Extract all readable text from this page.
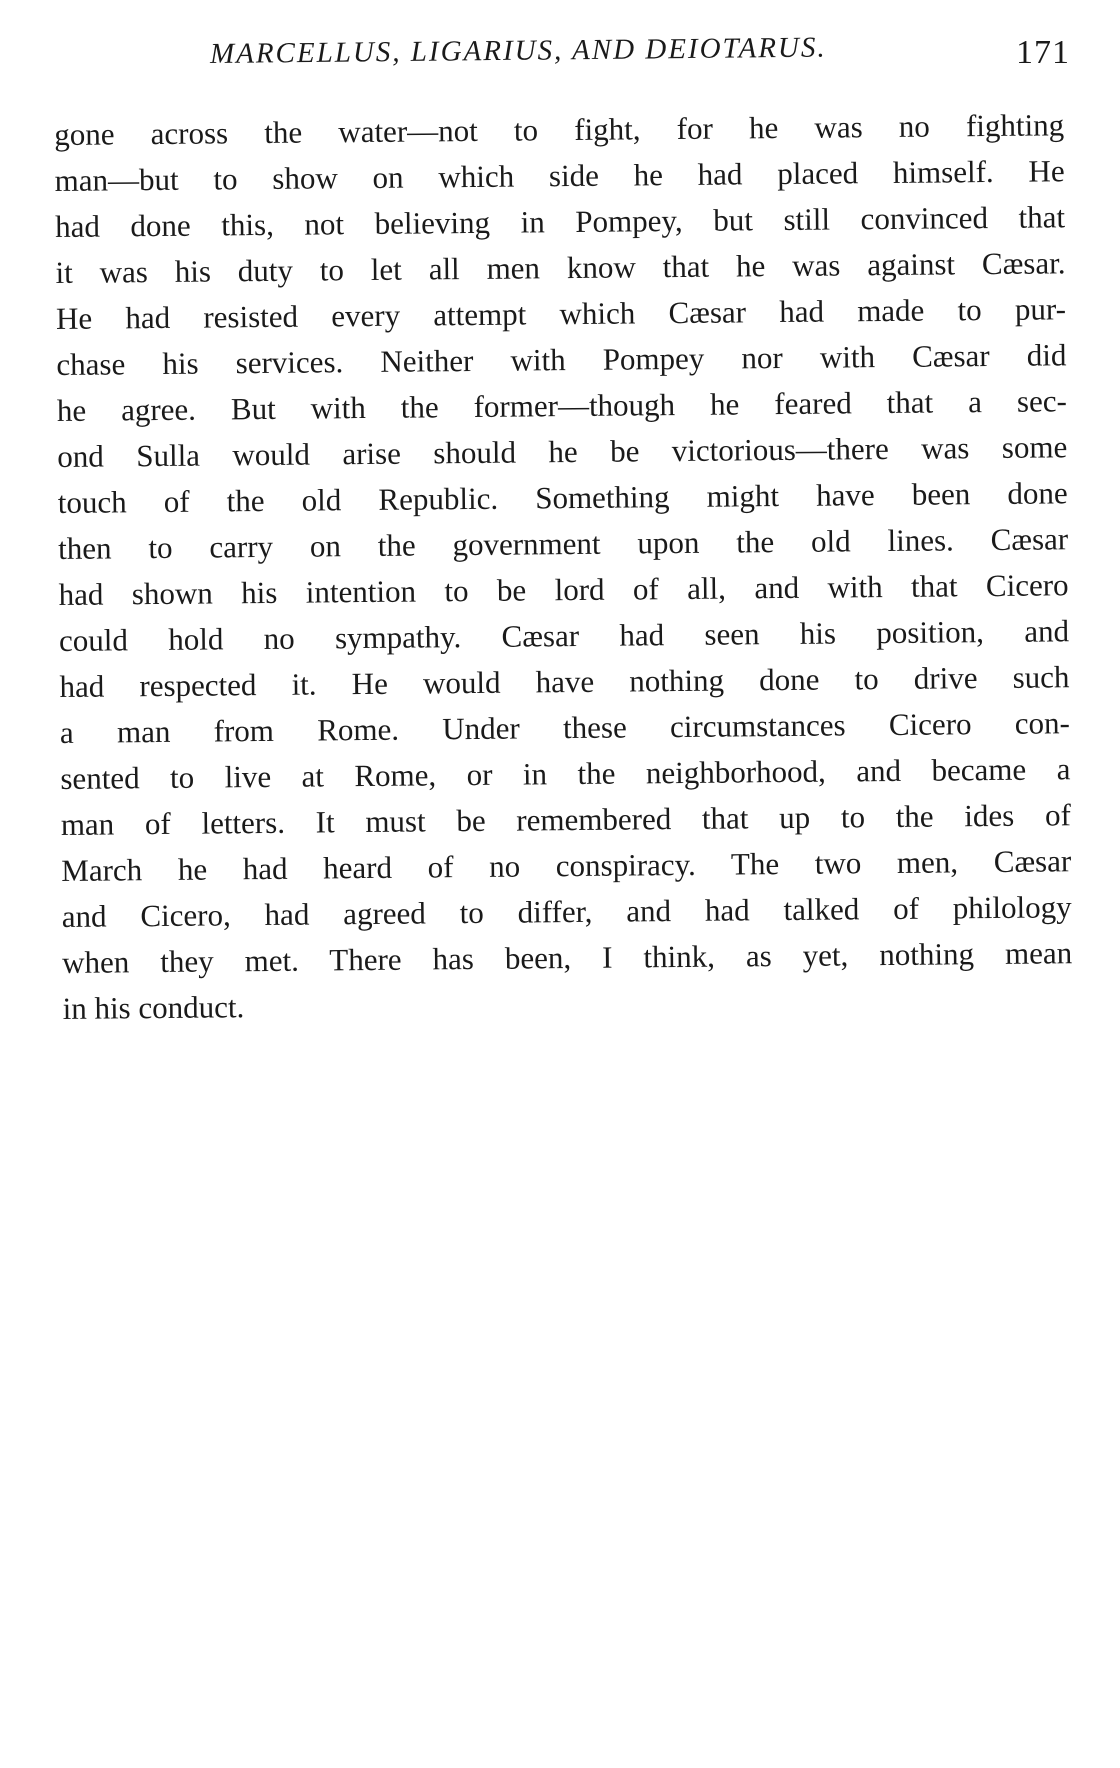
MARCELLUS, LIGARIUS, AND DEIOTARUS.	171
gone across the water—not to fight, for he was no fighting
man—but to show on which side he had placed himself. He
had done this, not believing in Pompey, but still convinced that
it was his duty to let all men know that he was against Cæsar.
He had resisted every attempt which Cæsar had made to pur-
chase his services. Neither with Pompey nor with Cæsar did
he agree. But with the former—though he feared that a sec-
ond Sulla would arise should he be victorious—there was some
touch of the old Republic. Something might have been done
then to carry on the government upon the old lines. Cæsar
had shown his intention to be lord of all, and with that Cicero
could hold no sympathy. Cæsar had seen his position, and
had respected it. He would have nothing done to drive such
a man from Rome. Under these circumstances Cicero con-
sented to live at Rome, or in the neighborhood, and became a
man of letters. It must be remembered that up to the ides of
March he had heard of no conspiracy. The two men, Cæsar
and Cicero, had agreed to differ, and had talked of philology
when they met. There has been, I think, as yet, nothing mean
in his conduct.
